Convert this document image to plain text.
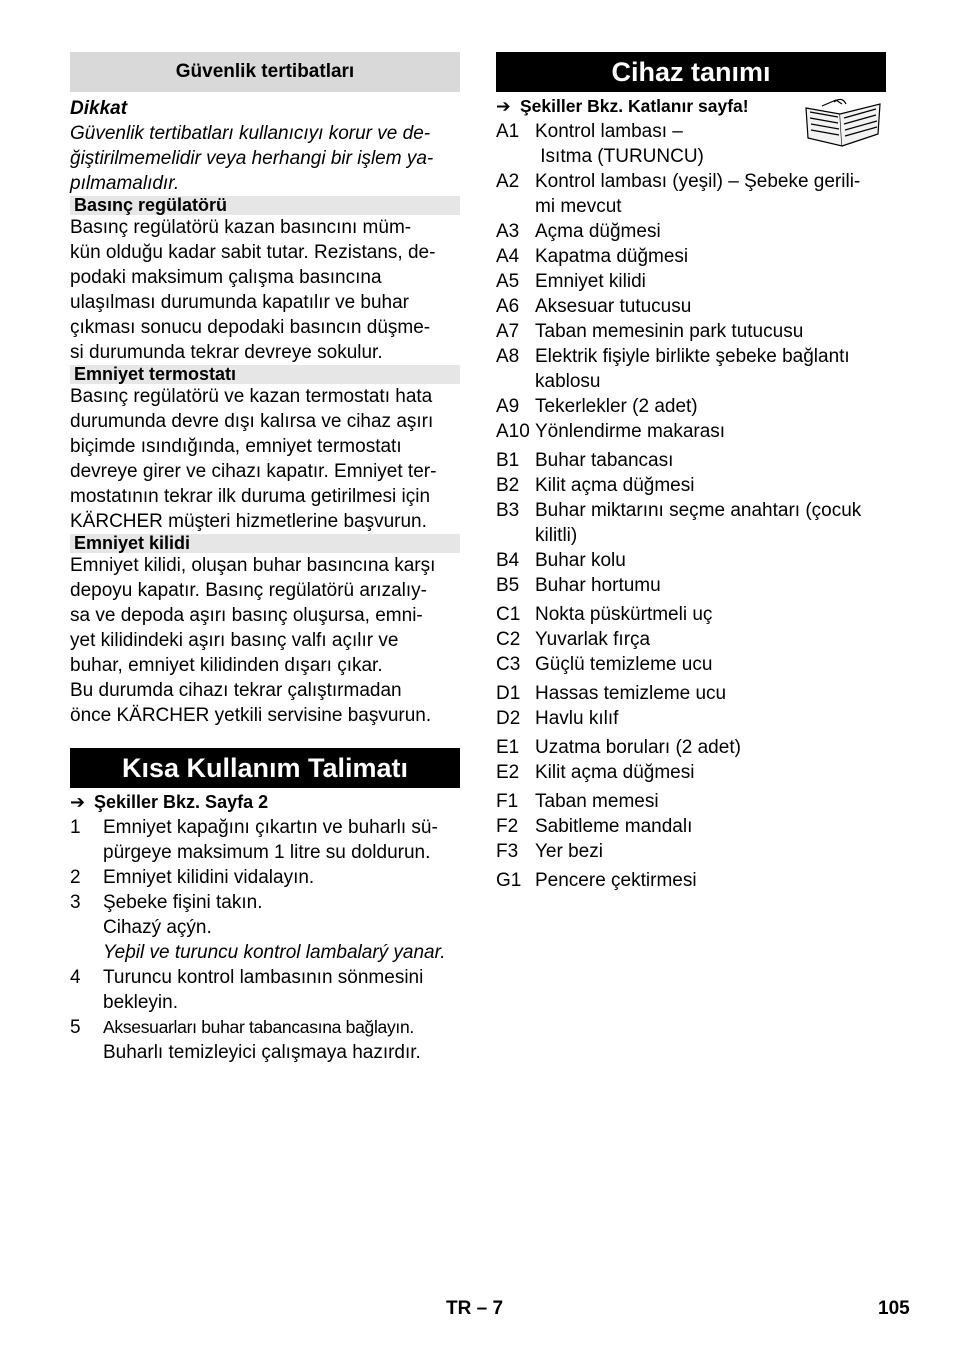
Güvenlik tertibatları

Dikkat

Güvenlik tertibatları kullanıcıyı korur ve de-

ğiştirilmemelidir veya herhangi bir işlem ya-

pılmamalıdır.

Basınç regülatörü

Basınç regülatörü kazan basıncını müm-

kün olduğu kadar sabit tutar. Rezistans, de-

podaki maksimum çalışma basıncına

ulaşılması durumunda kapatılır ve buhar

çıkması sonucu depodaki basıncın düşme-

si durumunda tekrar devreye sokulur.

Emniyet termostatı

Basınç regülatörü ve kazan termostatı hata

durumunda devre dışı kalırsa ve cihaz aşırı

biçimde ısındığında, emniyet termostatı

devreye girer ve cihazı kapatır. Emniyet ter-

mostatının tekrar ilk duruma getirilmesi için

KÄRCHER müşteri hizmetlerine başvurun.

Emniyet kilidi

Emniyet kilidi, oluşan buhar basıncına karşı

depoyu kapatır. Basınç regülatörü arızalıy-

sa ve depoda aşırı basınç oluşursa, emni-

yet kilidindeki aşırı basınç valfı açılır ve

buhar, emniyet kilidinden dışarı çıkar.

Bu durumda cihazı tekrar çalıştırmadan

önce KÄRCHER yetkili servisine başvurun.

Kısa Kullanım Talimatı
➔ Şekiller Bkz. Sayfa 2
1	Emniyet kapağını çıkartın ve buharlı sü-
pürgeye maksimum 1 litre su doldurun.
2	Emniyet kilidini vidalayın.
3	Şebeke fişini takın.
Cihazý açýn.
Yeþil ve turuncu kontrol lambalarý yanar.
4	Turuncu kontrol lambasının sönmesini
bekleyin.
5	Aksesuarları buhar tabancasına bağlayın.
Buharlı temizleyici çalışmaya hazırdır.
Cihaz tanımı
➔ Şekiller Bkz. Katlanır sayfa!
A1 Kontrol lambası –
Isıtma (TURUNCU)
A2 Kontrol lambası (yeşil) – Şebeke gerili-
mi mevcut
A3 Açma düğmesi
A4 Kapatma düğmesi
A5 Emniyet kilidi
A6 Aksesuar tutucusu
A7 Taban memesinin park tutucusu
A8 Elektrik fişiyle birlikte şebeke bağlantı
kablosu
A9 Tekerlekler (2 adet)
A10 Yönlendirme makarası
B1 Buhar tabancası
B2 Kilit açma düğmesi
B3 Buhar miktarını seçme anahtarı (çocuk
kilitli)
B4 Buhar kolu
B5 Buhar hortumu
C1 Nokta püskürtmeli uç
C2 Yuvarlak fırça
C3 Güçlü temizleme ucu
D1 Hassas temizleme ucu
D2 Havlu kılıf
E1 Uzatma boruları (2 adet)
E2 Kilit açma düğmesi
F1 Taban memesi
F2 Sabitleme mandalı
F3 Yer bezi
G1 Pencere çektirmesi
TR – 7	105
